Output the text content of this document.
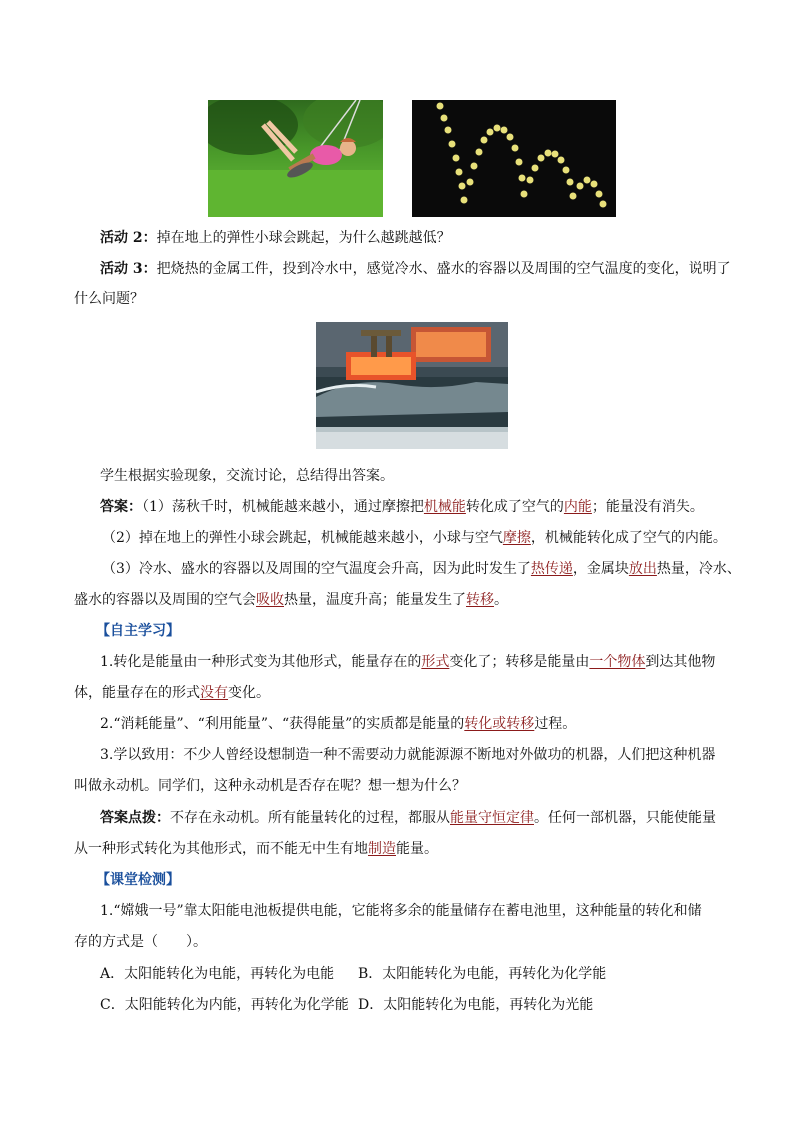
活动 2：掉在地上的弹性小球会跳起，为什么越跳越低？
活动 3：把烧热的金属工件，投到冷水中，感觉冷水、盛水的容器以及周围的空气温度的变化，说明了
什么问题？
学生根据实验现象，交流讨论，总结得出答案。
答案：（1）荡秋千时，机械能越来越小，通过摩擦把机械能转化成了空气的内能；能量没有消失。
（2）掉在地上的弹性小球会跳起，机械能越来越小，小球与空气摩擦，机械能转化成了空气的内能。
（3）冷水、盛水的容器以及周围的空气温度会升高，因为此时发生了热传递，金属块放出热量，冷水、
盛水的容器以及周围的空气会吸收热量，温度升高；能量发生了转移。
【自主学习】
1.转化是能量由一种形式变为其他形式，能量存在的形式变化了；转移是能量由一个物体到达其他物
体，能量存在的形式没有变化。
2.“消耗能量”、“利用能量”、“获得能量”的实质都是能量的转化或转移过程。
3.学以致用：不少人曾经设想制造一种不需要动力就能源源不断地对外做功的机器，人们把这种机器
叫做永动机。同学们，这种永动机是否存在呢？想一想为什么？
答案点拨：不存在永动机。所有能量转化的过程，都服从能量守恒定律。任何一部机器，只能使能量
从一种形式转化为其他形式，而不能无中生有地制造能量。
【课堂检测】
1.“嫦娥一号”靠太阳能电池板提供电能，它能将多余的能量储存在蓄电池里，这种能量的转化和储
存的方式是（　　）。
A．太阳能转化为电能，再转化为电能 B．太阳能转化为电能，再转化为化学能
C．太阳能转化为内能，再转化为化学能 D．太阳能转化为电能，再转化为光能
